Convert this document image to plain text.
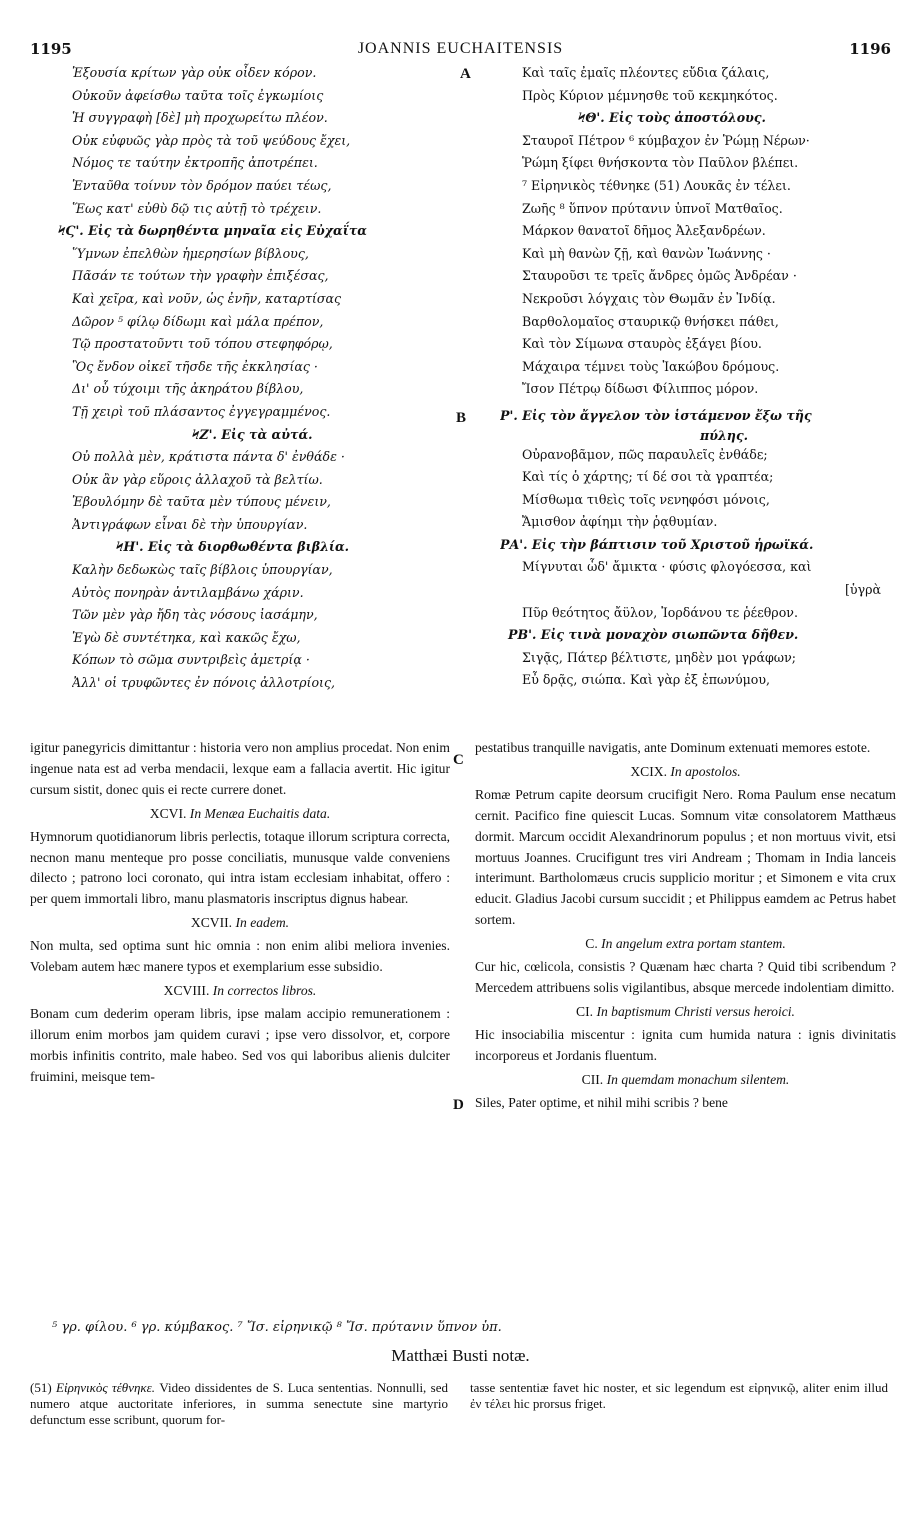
1195	JOANNIS EUCHAITENSIS	1196
A
B
C
D
Ἐξουσία κρίτων γὰρ οὐκ οἶδεν κόρον.
Οὐκοῦν ἀφείσθω ταῦτα τοῖς ἐγκωμίοις
Ἡ συγγραφὴ [δὲ] μὴ προχωρείτω πλέον.
Οὐκ εὐφυῶς γὰρ πρὸς τὰ τοῦ ψεύδους ἔχει,
Νόμος τε ταύτην ἐκτροπῆς ἀποτρέπει.
Ἐνταῦθα τοίνυν τὸν δρόμον παύει τέως,
Ἕως κατ' εὐθὺ δῷ τις αὐτῇ τὸ τρέχειν.
ϞϚ'. Εἰς τὰ δωρηθέντα μηναῖα εἰς Εὐχαΐτα
Ὕμνων ἐπελθὼν ἡμερησίων βίβλους,
Πᾶσάν τε τούτων τὴν γραφὴν ἐπιξέσας,
Καὶ χεῖρα, καὶ νοῦν, ὡς ἐνῆν, καταρτίσας
Δῶρον ⁵ φίλῳ δίδωμι καὶ μάλα πρέπον,
Τῷ προστατοῦντι τοῦ τόπου στεφηφόρῳ,
Ὃς ἔνδον οἰκεῖ τῆσδε τῆς ἐκκλησίας ·
Δι' οὗ τύχοιμι τῆς ἀκηράτου βίβλου,
Τῇ χειρὶ τοῦ πλάσαντος ἐγγεγραμμένος.
ϞΖ'. Εἰς τὰ αὐτά.
Οὐ πολλὰ μὲν, κράτιστα πάντα δ' ἐνθάδε ·
Οὐκ ἂν γὰρ εὕροις ἀλλαχοῦ τὰ βελτίω.
Ἐβουλόμην δὲ ταῦτα μὲν τύπους μένειν,
Ἀντιγράφων εἶναι δὲ τὴν ὑπουργίαν.
ϞΗ'. Εἰς τὰ διορθωθέντα βιβλία.
Καλὴν δεδωκὼς ταῖς βίβλοις ὑπουργίαν,
Αὐτὸς πονηρὰν ἀντιλαμβάνω χάριν.
Τῶν μὲν γὰρ ἤδη τὰς νόσους ἰασάμην,
Ἐγὼ δὲ συντέτηκα, καὶ κακῶς ἔχω,
Κόπων τὸ σῶμα συντριβεὶς ἀμετρίᾳ ·
Ἀλλ' οἱ τρυφῶντες ἐν πόνοις ἀλλοτρίοις,
Καὶ ταῖς ἐμαῖς πλέοντες εὔδια ζάλαις,
Πρὸς Κύριον μέμνησθε τοῦ κεκμηκότος.
ϞΘ'. Εἰς τοὺς ἀποστόλους.
Σταυροῖ Πέτρον ⁶ κύμβαχον ἐν Ῥώμῃ Νέρων·
Ῥώμη ξίφει θνήσκοντα τὸν Παῦλον βλέπει.
⁷ Εἰρηνικὸς τέθνηκε (51) Λουκᾶς ἐν τέλει.
Ζωῆς ⁸ ὕπνον πρύτανιν ὑπνοῖ Ματθαῖος.
Μάρκον θανατοῖ δῆμος Ἀλεξανδρέων.
Καὶ μὴ θανὼν ζῇ, καὶ θανὼν Ἰωάννης ·
Σταυροῦσι τε τρεῖς ἄνδρες ὁμῶς Ἀνδρέαν ·
Νεκροῦσι λόγχαις τὸν Θωμᾶν ἐν Ἰνδίᾳ.
Βαρθολομαῖος σταυρικῷ θνήσκει πάθει,
Καὶ τὸν Σίμωνα σταυρὸς ἐξάγει βίου.
Μάχαιρα τέμνει τοὺς Ἰακώβου δρόμους.
Ἴσον Πέτρῳ δίδωσι Φίλιππος μόρον.
Ρ'. Εἰς τὸν ἄγγελον τὸν ἱστάμενον ἔξω τῆς
πύλης.
Οὐρανοβᾶμον, πῶς παραυλεῖς ἐνθάδε;
Καὶ τίς ὁ χάρτης; τί δέ σοι τὰ γραπτέα;
Μίσθωμα τιθεὶς τοῖς νενηφόσι μόνοις,
Ἄμισθον ἀφίημι τὴν ῥᾳθυμίαν.
ΡΑ'. Εἰς τὴν βάπτισιν τοῦ Χριστοῦ ἡρωϊκά.
Μίγνυται ὧδ' ἄμικτα · φύσις φλογόεσσα, καὶ
[ὑγρὰ
Πῦρ θεότητος ἄϋλον, Ἰορδάνου τε ῥέεθρον.
ΡΒ'. Εἰς τινὰ μοναχὸν σιωπῶντα δῆθεν.
Σιγᾷς, Πάτερ βέλτιστε, μηδὲν μοι γράφων;
Εὖ δρᾷς, σιώπα. Καὶ γὰρ ἐξ ἐπωνύμου,

igitur panegyricis dimittantur : historia vero non amplius procedat. Non enim ingenue nata est ad verba mendacii, lexque eam a fallacia avertit. Hic igitur cursum sistit, donec quis ei recte currere donet.

XCVI. In Menæa Euchaitis data.

Hymnorum quotidianorum libris perlectis, totaque illorum scriptura correcta, necnon manu menteque pro posse conciliatis, munusque valde conveniens dilecto ; patrono loci coronato, qui intra istam ecclesiam inhabitat, offero : per quem immortali libro, manu plasmatoris inscriptus dignus habear.

XCVII. In eadem.

Non multa, sed optima sunt hic omnia : non enim alibi meliora invenies. Volebam autem hæc manere typos et exemplarium esse subsidio.

XCVIII. In correctos libros.

Bonam cum dederim operam libris, ipse malam accipio remunerationem : illorum enim morbos jam quidem curavi ; ipse vero dissolvor, et, corpore morbis infinitis contrito, male habeo. Sed vos qui laboribus alienis dulciter fruimini, meisque tem-

pestatibus tranquille navigatis, ante Dominum extenuati memores estote.

XCIX. In apostolos.

Romæ Petrum capite deorsum crucifigit Nero. Roma Paulum ense necatum cernit. Pacifico fine quiescit Lucas. Somnum vitæ consolatorem Matthæus dormit. Marcum occidit Alexandrinorum populus ; et non mortuus vivit, etsi mortuus Joannes. Crucifigunt tres viri Andream ; Thomam in India lanceis interimunt. Bartholomæus crucis supplicio moritur ; et Simonem e vita crux educit. Gladius Jacobi cursum succidit ; et Philippus eamdem ac Petrus habet sortem.

C. In angelum extra portam stantem.

Cur hic, cœlicola, consistis ? Quænam hæc charta ? Quid tibi scribendum ? Mercedem attribuens solis vigilantibus, absque mercede indolentiam dimitto.

CI. In baptismum Christi versus heroici.

Hic insociabilia miscentur : ignita cum humida natura : ignis divinitatis incorporeus et Jordanis fluentum.

CII. In quemdam monachum silentem.

Siles, Pater optime, et nihil mihi scribis ? bene

⁵ γρ. φίλου. ⁶ γρ. κύμβακος. ⁷ Ἴσ. εἰρηνικῷ ⁸ Ἴσ. πρύτανιν ὕπνον ὑπ.
Matthæi Busti notæ.
(51) Εἰρηνικὸς τέθνηκε. Video dissidentes de S. Luca sententias. Nonnulli, sed numero atque auctoritate inferiores, in summa senectute sine martyrio defunctum esse scribunt, quorum for-
tasse sententiæ favet hic noster, et sic legendum est εἰρηνικῷ, aliter enim illud ἐν τέλει hic prorsus friget.
